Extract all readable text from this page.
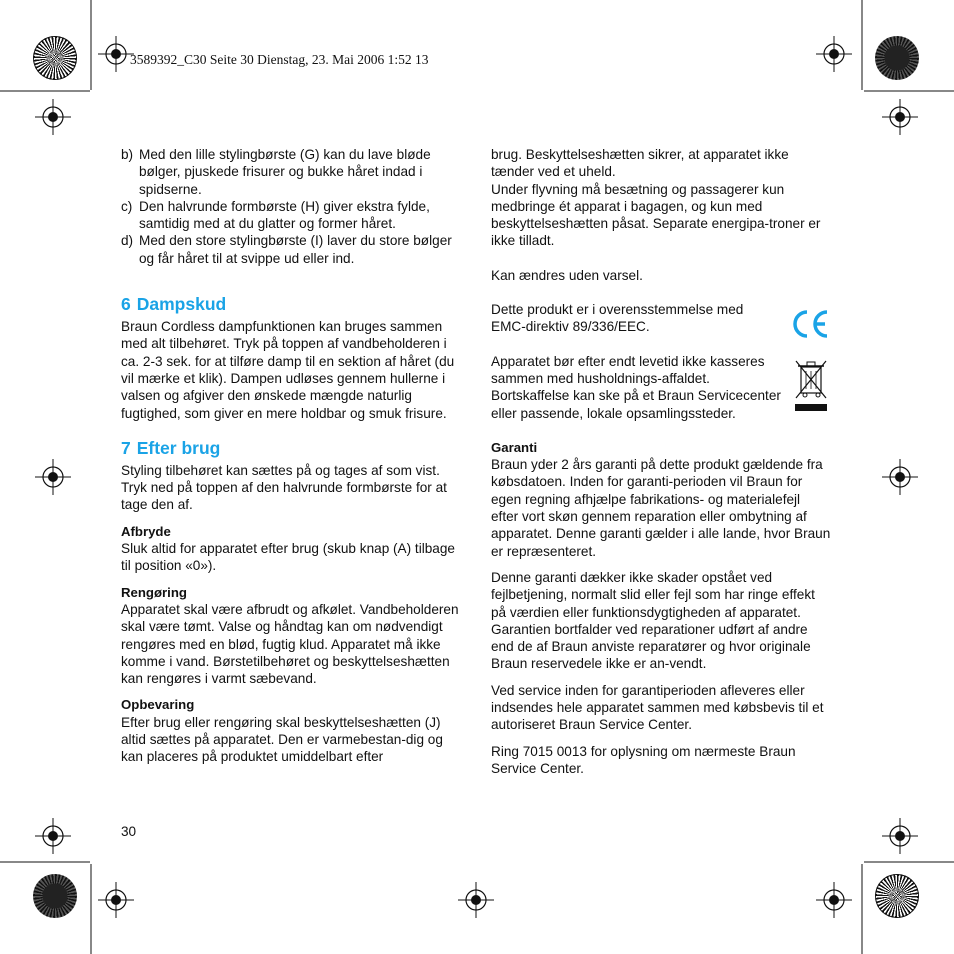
3589392_C30 Seite 30 Dienstag, 23. Mai 2006 1:52 13
b) Med den lille stylingbørste (G) kan du lave bløde bølger, pjuskede frisurer og bukke håret indad i spidserne.
c) Den halvrunde formbørste (H) giver ekstra fylde, samtidig med at du glatter og former håret.
d) Med den store stylingbørste (I) laver du store bølger og får håret til at svippe ud eller ind.
6 Dampskud

Braun Cordless dampfunktionen kan bruges sammen med alt tilbehøret. Tryk på toppen af vandbeholderen i ca. 2-3 sek. for at tilføre damp til en sektion af håret (du vil mærke et klik). Dampen udløses gennem hullerne i valsen og afgiver den ønskede mængde naturlig fugtighed, som giver en mere holdbar og smuk frisure.

7 Efter brug

Styling tilbehøret kan sættes på og tages af som vist. Tryk ned på toppen af den halvrunde formbørste for at tage den af.

Afbryde

Sluk altid for apparatet efter brug (skub knap (A) tilbage til position «0»).

Rengøring

Apparatet skal være afbrudt og afkølet. Vandbeholderen skal være tømt. Valse og håndtag kan om nødvendigt rengøres med en blød, fugtig klud. Apparatet må ikke komme i vand. Børstetilbehøret og beskyttelseshætten kan rengøres i varmt sæbevand.

Opbevaring

Efter brug eller rengøring skal beskyttelseshætten (J) altid sættes på apparatet. Den er varmebestan-dig og kan placeres på produktet umiddelbart efter

brug. Beskyttelseshætten sikrer, at apparatet ikke tænder ved et uheld.

Under flyvning må besætning og passagerer kun medbringe ét apparat i bagagen, og kun med beskyttelseshætten påsat. Separate energipa-troner er ikke tilladt.

Kan ændres uden varsel.

Dette produkt er i overensstemmelse med EMC-direktiv 89/336/EEC.

Apparatet bør efter endt levetid ikke kasseres sammen med husholdnings-affaldet. Bortskaffelse kan ske på et Braun Servicecenter eller passende, lokale opsamlingssteder.

Garanti

Braun yder 2 års garanti på dette produkt gældende fra købsdatoen. Inden for garanti-perioden vil Braun for egen regning afhjælpe fabrikations- og materialefejl efter vort skøn gennem reparation eller ombytning af apparatet. Denne garanti gælder i alle lande, hvor Braun er repræsenteret.

Denne garanti dækker ikke skader opstået ved fejlbetjening, normalt slid eller fejl som har ringe effekt på værdien eller funktionsdygtigheden af apparatet. Garantien bortfalder ved reparationer udført af andre end de af Braun anviste reparatører og hvor originale Braun reservedele ikke er an-vendt.

Ved service inden for garantiperioden afleveres eller indsendes hele apparatet sammen med købsbevis til et autoriseret Braun Service Center.

Ring 7015 0013 for oplysning om nærmeste Braun Service Center.

30
